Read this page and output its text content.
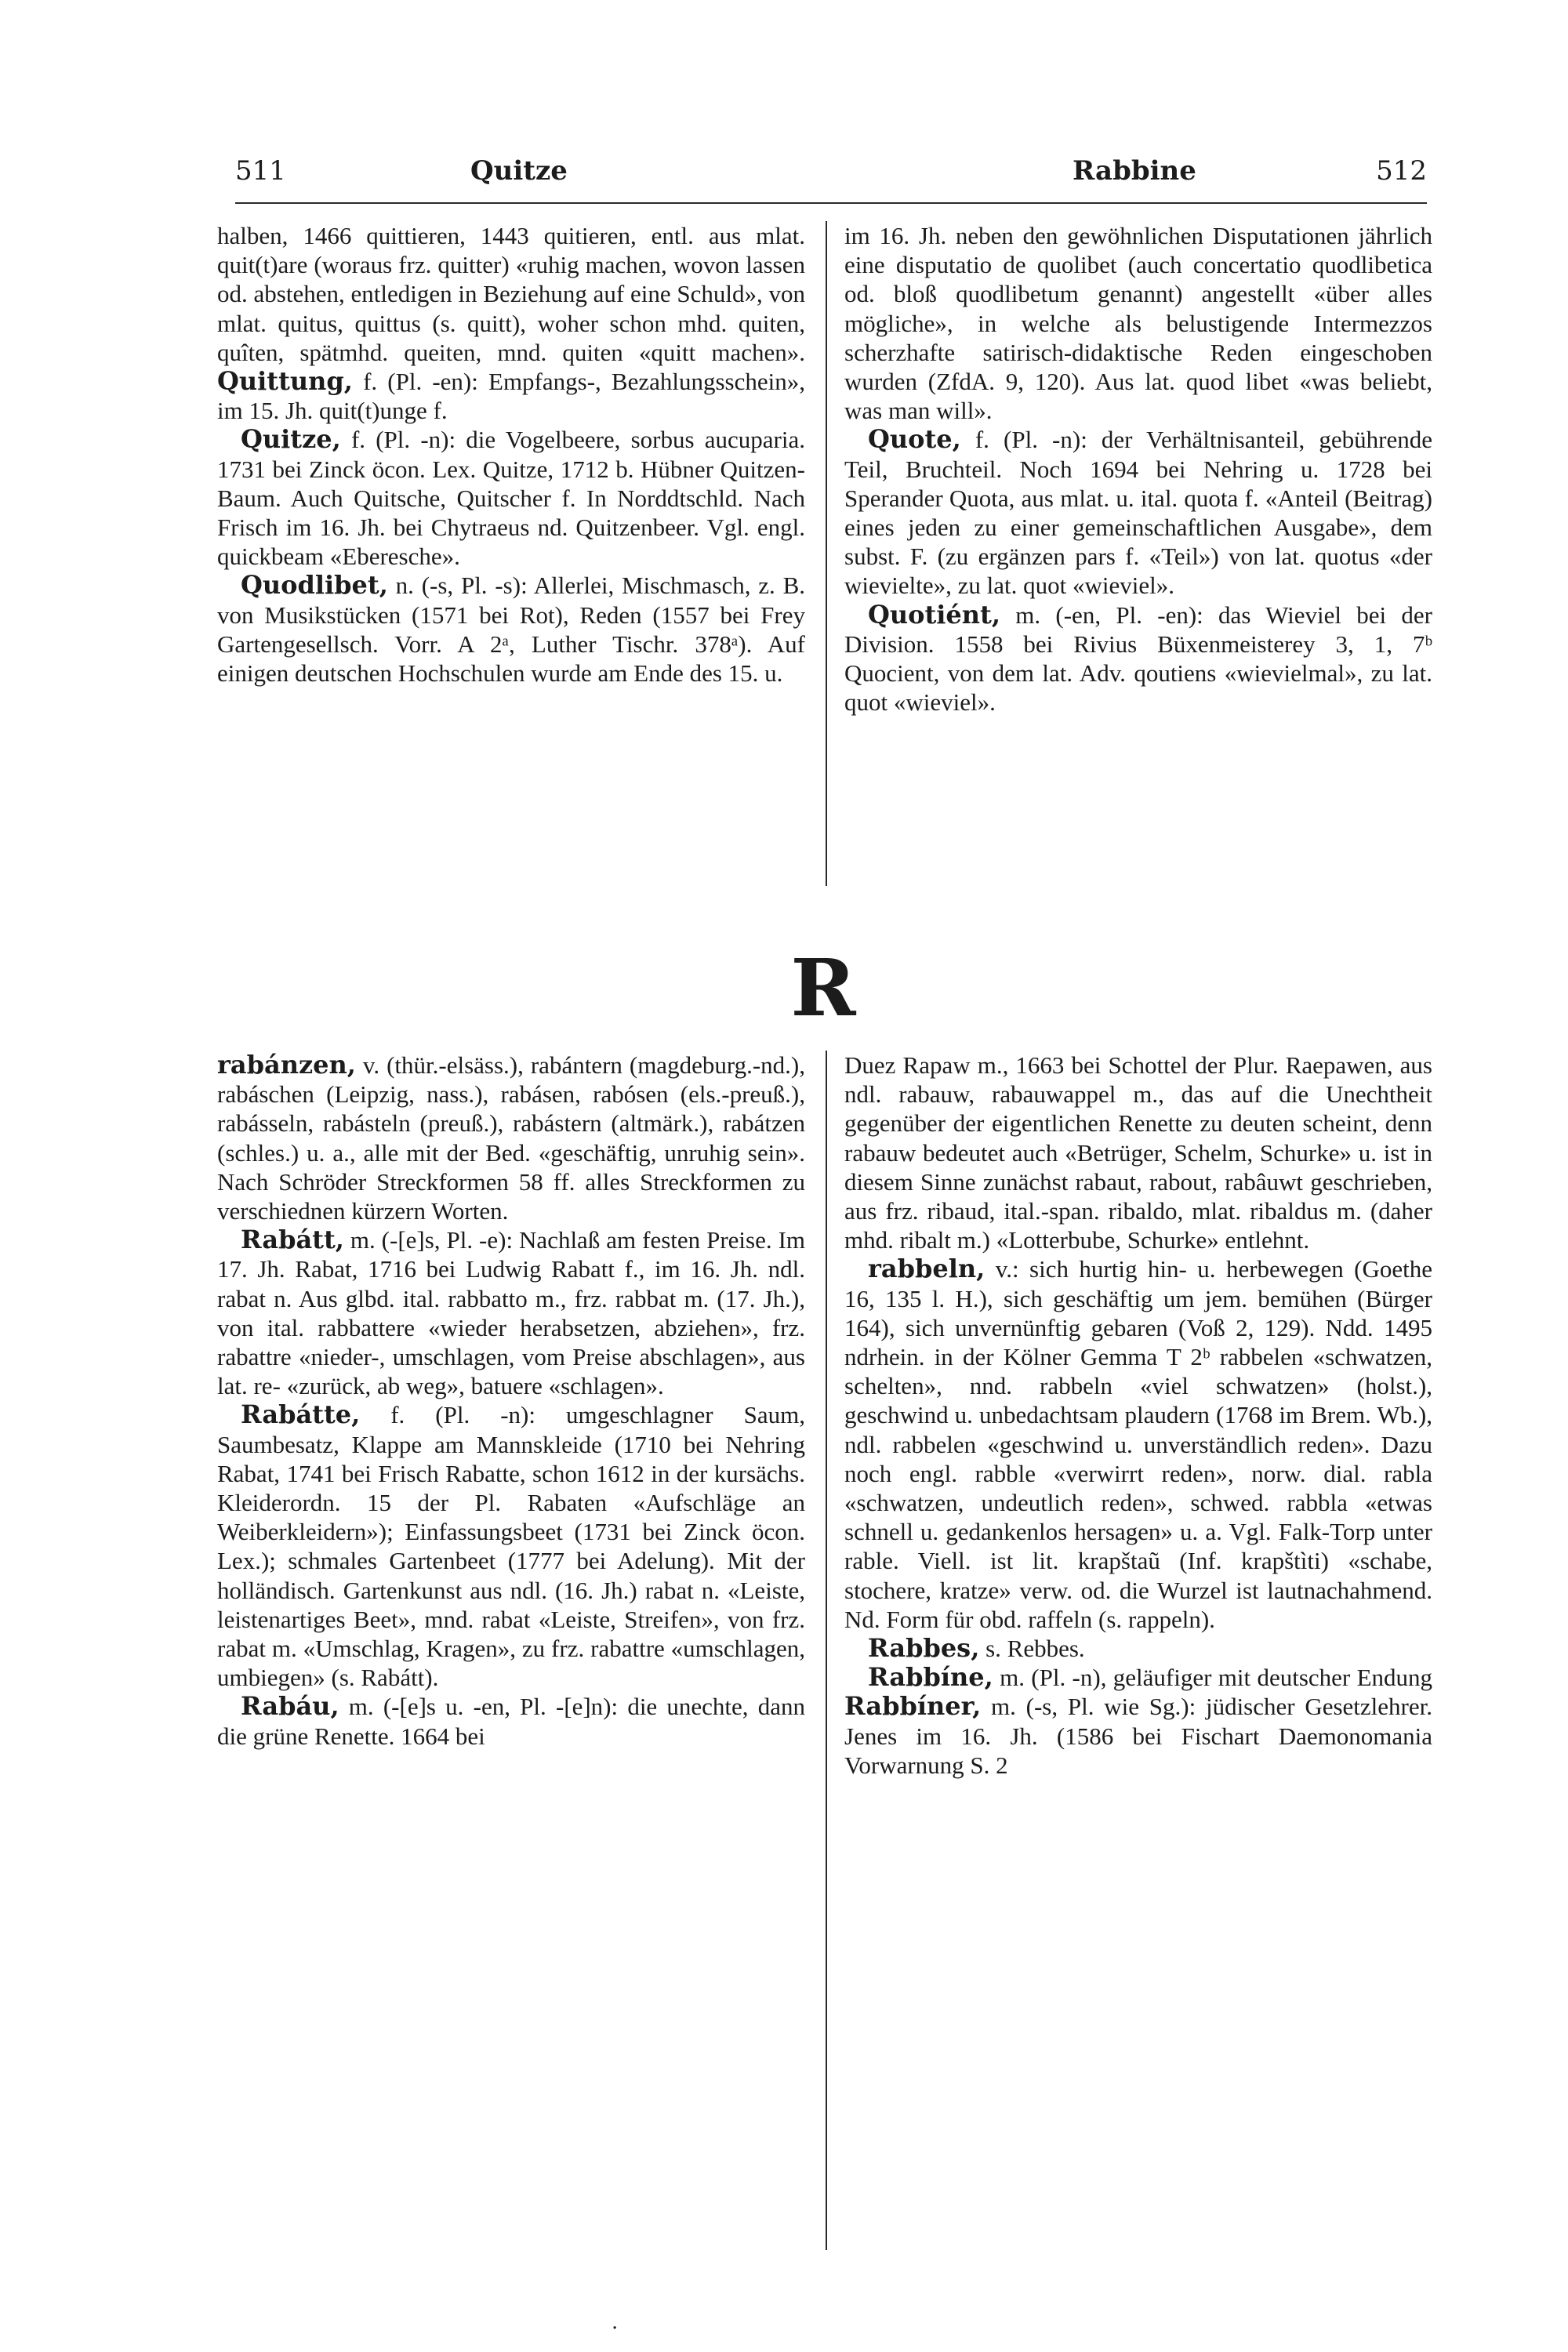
511	Quitze	Rabbine	512

halben, 1466 quittieren, 1443 quitieren, entl. aus mlat. quit(t)are (woraus frz. quitter) «ruhig machen, wovon lassen od. abstehen, entledigen in Beziehung auf eine Schuld», von mlat. quitus, quittus (s. quitt), woher schon mhd. quiten, quîten, spätmhd. queiten, mnd. quiten «quitt machen». Quittung, f. (Pl. -en): Empfangs-, Bezahlungsschein», im 15. Jh. quit(t)unge f.

Quitze, f. (Pl. -n): die Vogelbeere, sorbus aucuparia. 1731 bei Zinck öcon. Lex. Quitze, 1712 b. Hübner Quitzen-Baum. Auch Quitsche, Quitscher f. In Norddtschld. Nach Frisch im 16. Jh. bei Chytraeus nd. Quitzenbeer. Vgl. engl. quickbeam «Eberesche».

Quodlibet, n. (-s, Pl. -s): Allerlei, Mischmasch, z. B. von Musikstücken (1571 bei Rot), Reden (1557 bei Frey Gartengesellsch. Vorr. A 2ᵃ, Luther Tischr. 378ᵃ). Auf einigen deutschen Hochschulen wurde am Ende des 15. u.

im 16. Jh. neben den gewöhnlichen Disputationen jährlich eine disputatio de quolibet (auch concertatio quodlibetica od. bloß quodlibetum genannt) angestellt «über alles mögliche», in welche als belustigende Intermezzos scherzhafte satirisch-didaktische Reden eingeschoben wurden (ZfdA. 9, 120). Aus lat. quod libet «was beliebt, was man will».

Quote, f. (Pl. -n): der Verhältnisanteil, gebührende Teil, Bruchteil. Noch 1694 bei Nehring u. 1728 bei Sperander Quota, aus mlat. u. ital. quota f. «Anteil (Beitrag) eines jeden zu einer gemeinschaftlichen Ausgabe», dem subst. F. (zu ergänzen pars f. «Teil») von lat. quotus «der wievielte», zu lat. quot «wieviel».

Quotiént, m. (-en, Pl. -en): das Wieviel bei der Division. 1558 bei Rivius Büxenmeisterey 3, 1, 7ᵇ Quocient, von dem lat. Adv. qoutiens «wievielmal», zu lat. quot «wieviel».

R

rabánzen, v. (thür.-elsäss.), rabántern (magdeburg.-nd.), rabáschen (Leipzig, nass.), rabásen, rabósen (els.-preuß.), rabásseln, rabásteln (preuß.), rabástern (altmärk.), rabátzen (schles.) u. a., alle mit der Bed. «geschäftig, unruhig sein». Nach Schröder Streckformen 58 ff. alles Streckformen zu verschiednen kürzern Worten.

Rabátt, m. (-[e]s, Pl. -e): Nachlaß am festen Preise. Im 17. Jh. Rabat, 1716 bei Ludwig Rabatt f., im 16. Jh. ndl. rabat n. Aus glbd. ital. rabbatto m., frz. rabbat m. (17. Jh.), von ital. rabbattere «wieder herabsetzen, abziehen», frz. rabattre «nieder-, umschlagen, vom Preise abschlagen», aus lat. re- «zurück, ab weg», batuere «schlagen».

Rabátte, f. (Pl. -n): umgeschlagner Saum, Saumbesatz, Klappe am Mannskleide (1710 bei Nehring Rabat, 1741 bei Frisch Rabatte, schon 1612 in der kursächs. Kleiderordn. 15 der Pl. Rabaten «Aufschläge an Weiberkleidern»); Einfassungsbeet (1731 bei Zinck öcon. Lex.); schmales Gartenbeet (1777 bei Adelung). Mit der holländisch. Gartenkunst aus ndl. (16. Jh.) rabat n. «Leiste, leistenartiges Beet», mnd. rabat «Leiste, Streifen», von frz. rabat m. «Umschlag, Kragen», zu frz. rabattre «umschlagen, umbiegen» (s. Rabátt).

Rabáu, m. (-[e]s u. -en, Pl. -[e]n): die unechte, dann die grüne Renette. 1664 bei

Duez Rapaw m., 1663 bei Schottel der Plur. Raepawen, aus ndl. rabauw, rabauwappel m., das auf die Unechtheit gegenüber der eigentlichen Renette zu deuten scheint, denn rabauw bedeutet auch «Betrüger, Schelm, Schurke» u. ist in diesem Sinne zunächst rabaut, rabout, rabâuwt geschrieben, aus frz. ribaud, ital.-span. ribaldo, mlat. ribaldus m. (daher mhd. ribalt m.) «Lotterbube, Schurke» entlehnt.

rabbeln, v.: sich hurtig hin- u. herbewegen (Goethe 16, 135 l. H.), sich geschäftig um jem. bemühen (Bürger 164), sich unvernünftig gebaren (Voß 2, 129). Ndd. 1495 ndrhein. in der Kölner Gemma T 2ᵇ rabbelen «schwatzen, schelten», nnd. rabbeln «viel schwatzen» (holst.), geschwind u. unbedachtsam plaudern (1768 im Brem. Wb.), ndl. rabbelen «geschwind u. unverständlich reden». Dazu noch engl. rabble «verwirrt reden», norw. dial. rabla «schwatzen, undeutlich reden», schwed. rabbla «etwas schnell u. gedankenlos hersagen» u. a. Vgl. Falk-Torp unter rable. Viell. ist lit. krapštaũ (Inf. krapštìti) «schabe, stochere, kratze» verw. od. die Wurzel ist lautnachahmend. Nd. Form für obd. raffeln (s. rappeln).

Rabbes, s. Rebbes.

Rabbíne, m. (Pl. -n), geläufiger mit deutscher Endung Rabbíner, m. (-s, Pl. wie Sg.): jüdischer Gesetzlehrer. Jenes im 16. Jh. (1586 bei Fischart Daemonomania Vorwarnung S. 2

·
